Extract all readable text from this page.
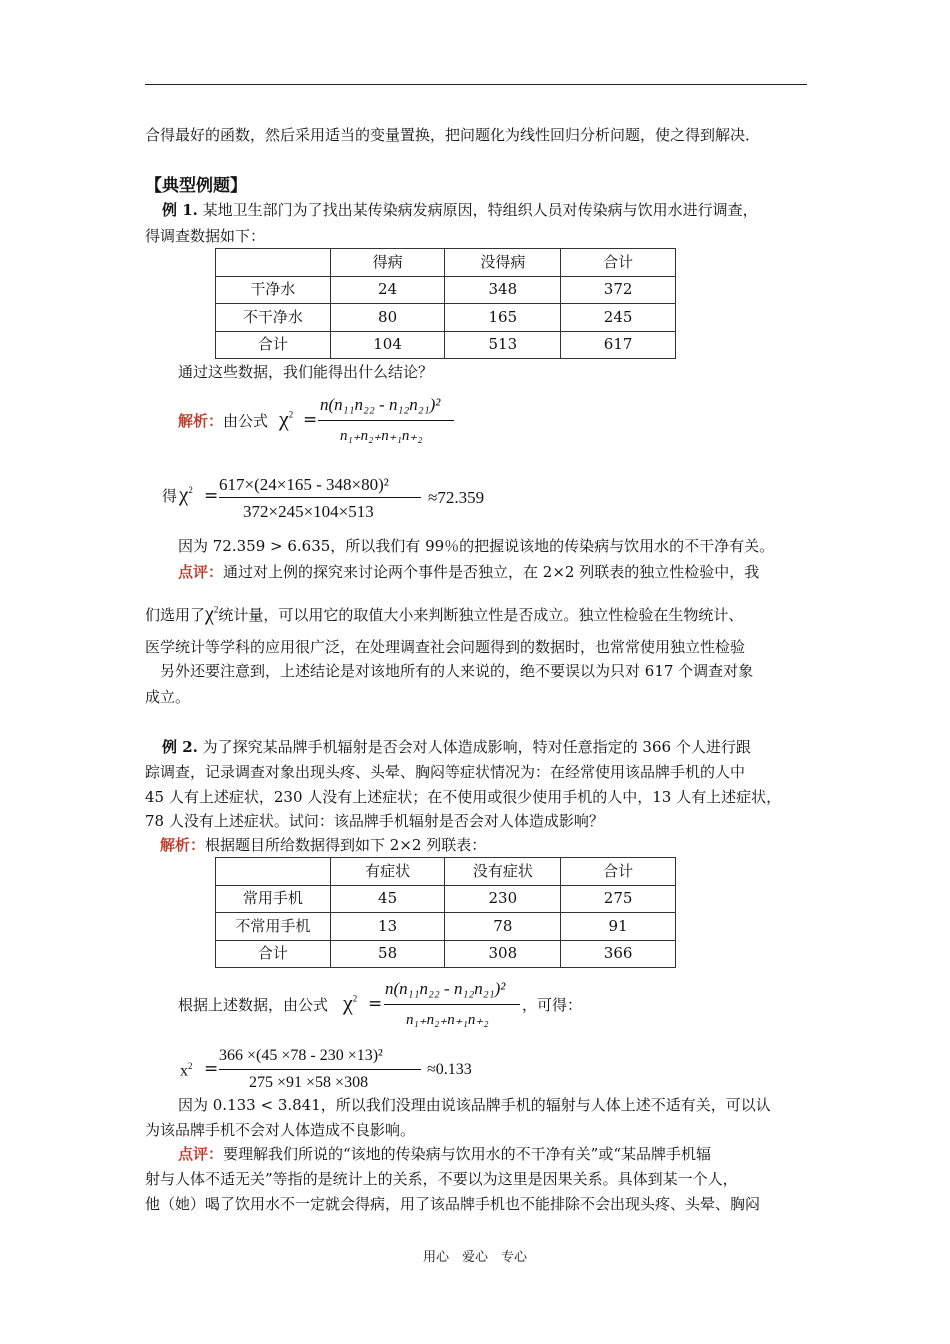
合得最好的函数，然后采用适当的变量置换，把问题化为线性回归分析问题，使之得到解决．
【典型例题】
例 1. 某地卫生部门为了找出某传染病发病原因，特组织人员对传染病与饮用水进行调查，
得调查数据如下：
	得病	没得病	合计
干净水	24	348	372
不干净水	80	165	245
合计	104	513	617
通过这些数据，我们能得出什么结论？
解析：由公式 $\chi^2$ =
n(n₁₁n₂₂ - n₁₂n₂₁)²
n₁₊n₂₊n₊₁n₊₂
得 $\chi^2$ =
617×(24×165 - 348×80)²
372×245×104×513
≈72.359
因为 72.359 > 6.635，所以我们有 99％的把握说该地的传染病与饮用水的不干净有关。
点评：通过对上例的探究来讨论两个事件是否独立，在 2×2 列联表的独立性检验中，我
们选用了$\chi^2$统计量，可以用它的取值大小来判断独立性是否成立。独立性检验在生物统计、
医学统计等学科的应用很广泛，在处理调查社会问题得到的数据时，也常常使用独立性检验
另外还要注意到，上述结论是对该地所有的人来说的，绝不要误以为只对 617 个调查对象
成立。
例 2. 为了探究某品牌手机辐射是否会对人体造成影响，特对任意指定的 366 个人进行跟
踪调查，记录调查对象出现头疼、头晕、胸闷等症状情况为：在经常使用该品牌手机的人中
45 人有上述症状，230 人没有上述症状；在不使用或很少使用手机的人中，13 人有上述症状，
78 人没有上述症状。试问：该品牌手机辐射是否会对人体造成影响？
解析：根据题目所给数据得到如下 2×2 列联表：
	有症状	没有症状	合计
常用手机	45	230	275
不常用手机	13	78	91
合计	58	308	366
根据上述数据，由公式 $\chi^2$ =
n(n₁₁n₂₂ - n₁₂n₂₁)²
n₁₊n₂₊n₊₁n₊₂
，可得：
$x^2$ =
366 ×(45 ×78 - 230 ×13)²
275 ×91 ×58 ×308
≈0.133
因为 0.133 < 3.841，所以我们没理由说该品牌手机的辐射与人体上述不适有关，可以认
为该品牌手机不会对人体造成不良影响。
点评：要理解我们所说的“该地的传染病与饮用水的不干净有关”或“某品牌手机辐
射与人体不适无关”等指的是统计上的关系，不要以为这里是因果关系。具体到某一个人，
他（她）喝了饮用水不一定就会得病，用了该品牌手机也不能排除不会出现头疼、头晕、胸闷
用心　爱心　专心
